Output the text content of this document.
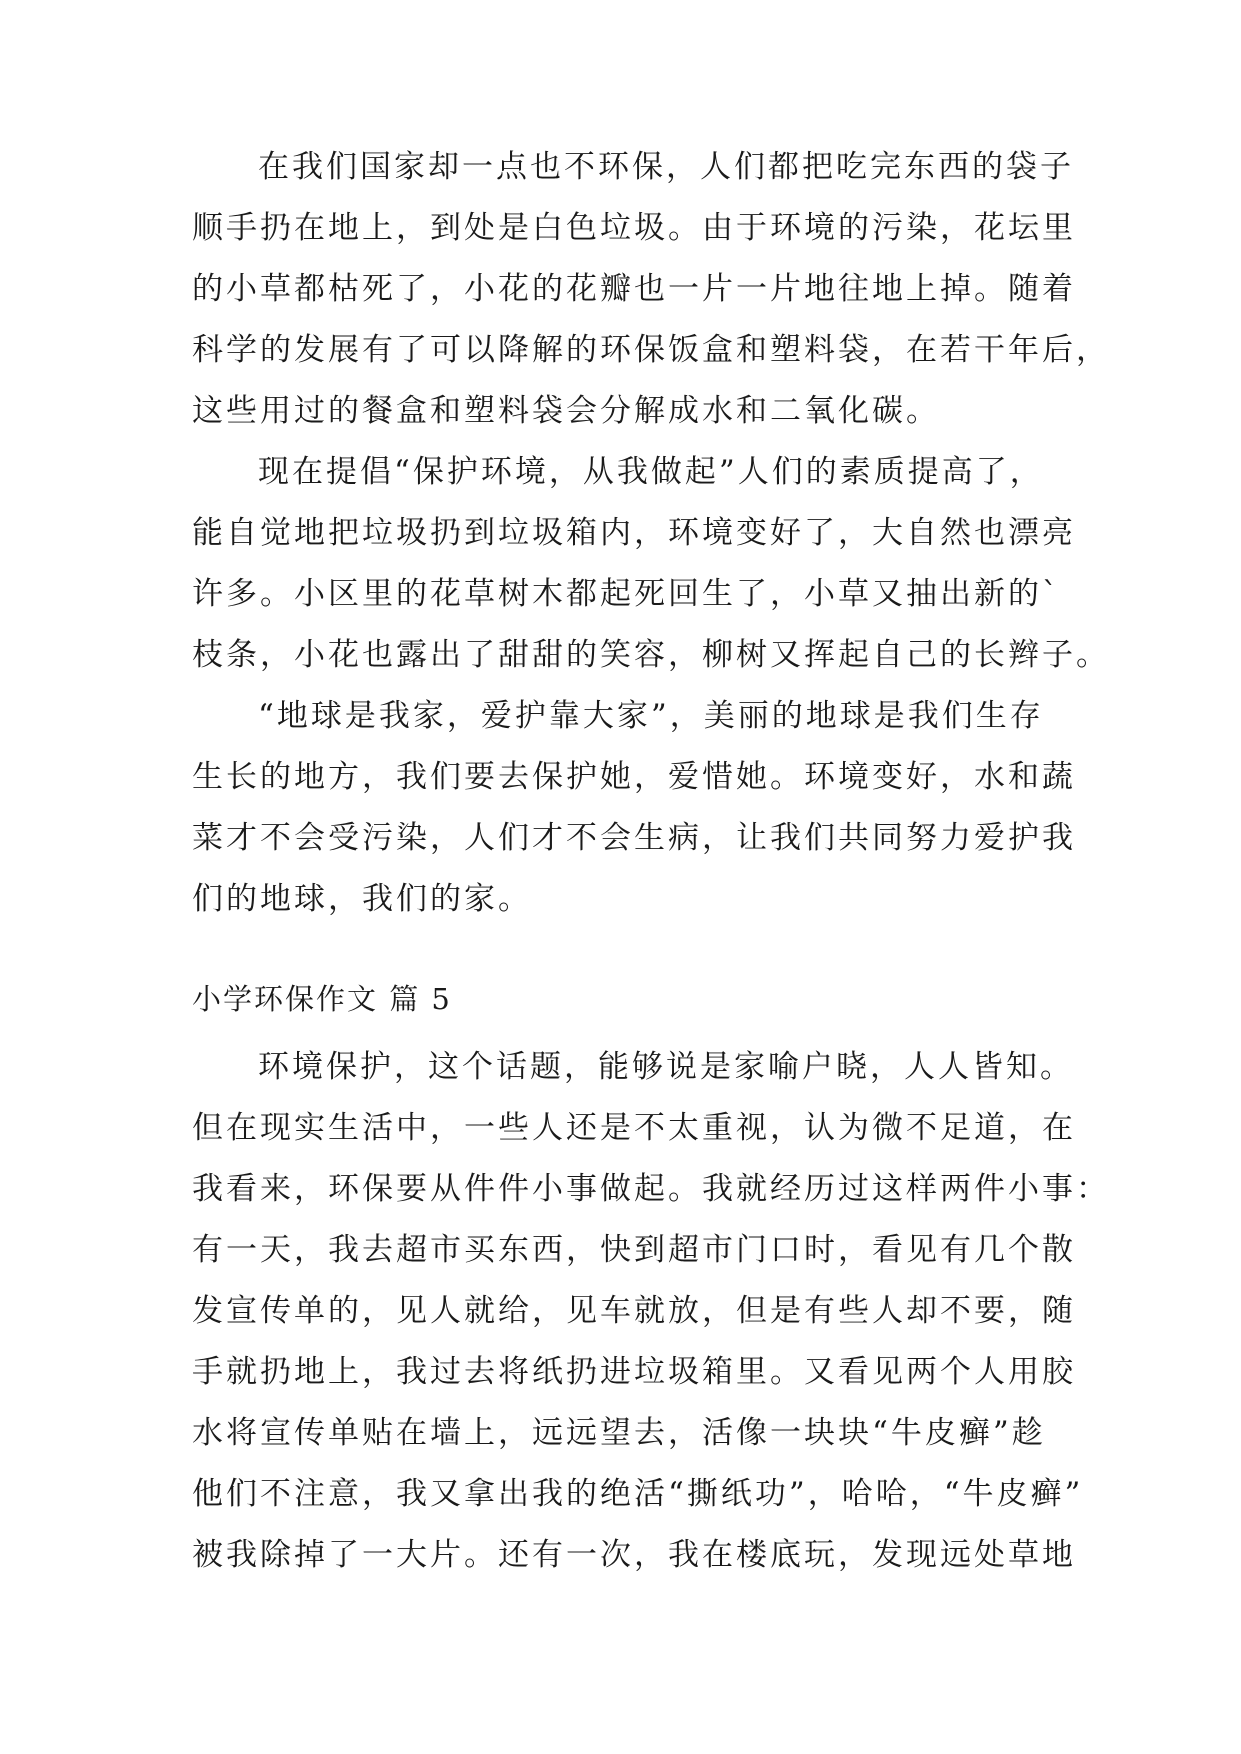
在我们国家却一点也不环保，人们都把吃完东西的袋子
顺手扔在地上，到处是白色垃圾。由于环境的污染，花坛里
的小草都枯死了，小花的花瓣也一片一片地往地上掉。随着
科学的发展有了可以降解的环保饭盒和塑料袋，在若干年后，
这些用过的餐盒和塑料袋会分解成水和二氧化碳。
现在提倡“保护环境，从我做起”人们的素质提高了，
能自觉地把垃圾扔到垃圾箱内，环境变好了，大自然也漂亮
许多。小区里的花草树木都起死回生了，小草又抽出新的`
枝条，小花也露出了甜甜的笑容，柳树又挥起自己的长辫子。
“地球是我家，爱护靠大家”，美丽的地球是我们生存
生长的地方，我们要去保护她，爱惜她。环境变好，水和蔬
菜才不会受污染，人们才不会生病，让我们共同努力爱护我
们的地球，我们的家。
小学环保作文 篇 5
环境保护，这个话题，能够说是家喻户晓，人人皆知。
但在现实生活中，一些人还是不太重视，认为微不足道，在
我看来，环保要从件件小事做起。我就经历过这样两件小事：
有一天，我去超市买东西，快到超市门口时，看见有几个散
发宣传单的，见人就给，见车就放，但是有些人却不要，随
手就扔地上，我过去将纸扔进垃圾箱里。又看见两个人用胶
水将宣传单贴在墙上，远远望去，活像一块块“牛皮癣”趁
他们不注意，我又拿出我的绝活“撕纸功”，哈哈，“牛皮癣”
被我除掉了一大片。还有一次，我在楼底玩，发现远处草地
